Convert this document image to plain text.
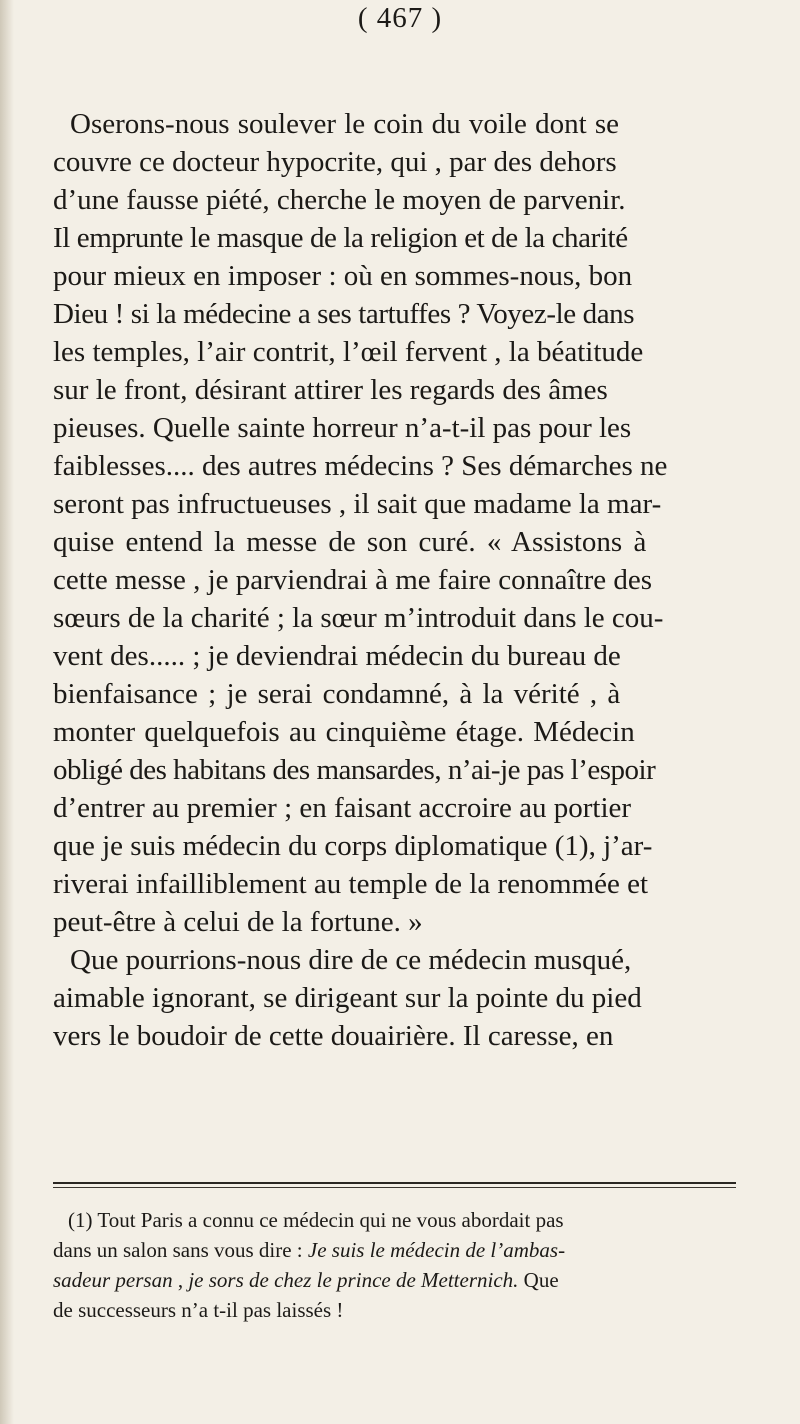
( 467 )
Oserons-nous soulever le coin du voile dont se
couvre ce docteur hypocrite, qui , par des dehors
d’une fausse piété, cherche le moyen de parvenir.
Il emprunte le masque de la religion et de la charité
pour mieux en imposer : où en sommes-nous, bon
Dieu ! si la médecine a ses tartuffes ? Voyez-le dans
les temples, l’air contrit, l’œil fervent , la béatitude
sur le front, désirant attirer les regards des âmes
pieuses. Quelle sainte horreur n’a-t-il pas pour les
faiblesses.... des autres médecins ? Ses démarches ne
seront pas infructueuses , il sait que madame la mar-
quise entend la messe de son curé. « Assistons à
cette messe , je parviendrai à me faire connaître des
sœurs de la charité ; la sœur m’introduit dans le cou-
vent des..... ; je deviendrai médecin du bureau de
bienfaisance ; je serai condamné, à la vérité , à
monter quelquefois au cinquième étage. Médecin
obligé des habitans des mansardes, n’ai-je pas l’espoir
d’entrer au premier ; en faisant accroire au portier
que je suis médecin du corps diplomatique (1), j’ar-
riverai infailliblement au temple de la renommée et
peut-être à celui de la fortune. »
Que pourrions-nous dire de ce médecin musqué,
aimable ignorant, se dirigeant sur la pointe du pied
vers le boudoir de cette douairière. Il caresse, en
(1) Tout Paris a connu ce médecin qui ne vous abordait pas
dans un salon sans vous dire : Je suis le médecin de l’ambas-
sadeur persan , je sors de chez le prince de Metternich. Que
de successeurs n’a t-il pas laissés !
